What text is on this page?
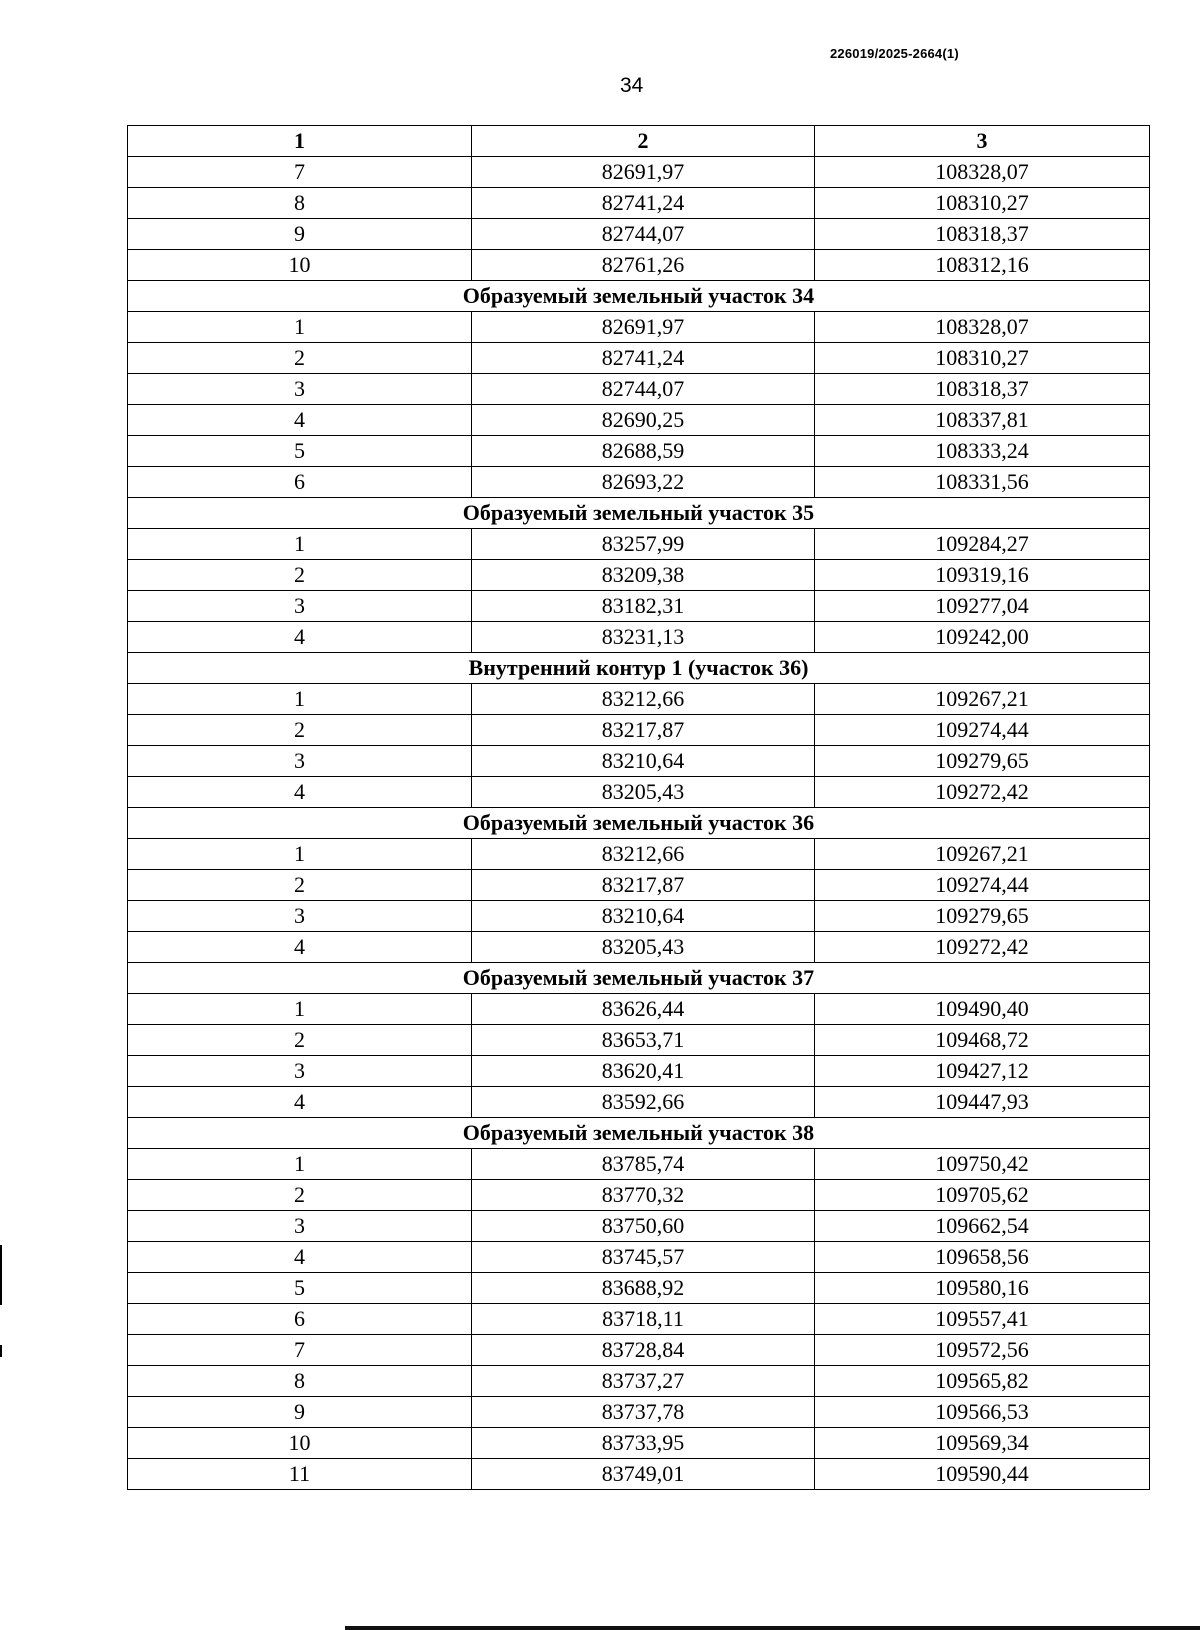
226019/2025-2664(1)
34
1	2	3
7	82691,97	108328,07
8	82741,24	108310,27
9	82744,07	108318,37
10	82761,26	108312,16
Образуемый земельный участок 34		
1	82691,97	108328,07
2	82741,24	108310,27
3	82744,07	108318,37
4	82690,25	108337,81
5	82688,59	108333,24
6	82693,22	108331,56
Образуемый земельный участок 35		
1	83257,99	109284,27
2	83209,38	109319,16
3	83182,31	109277,04
4	83231,13	109242,00
Внутренний контур 1 (участок 36)		
1	83212,66	109267,21
2	83217,87	109274,44
3	83210,64	109279,65
4	83205,43	109272,42
Образуемый земельный участок 36		
1	83212,66	109267,21
2	83217,87	109274,44
3	83210,64	109279,65
4	83205,43	109272,42
Образуемый земельный участок 37		
1	83626,44	109490,40
2	83653,71	109468,72
3	83620,41	109427,12
4	83592,66	109447,93
Образуемый земельный участок 38		
1	83785,74	109750,42
2	83770,32	109705,62
3	83750,60	109662,54
4	83745,57	109658,56
5	83688,92	109580,16
6	83718,11	109557,41
7	83728,84	109572,56
8	83737,27	109565,82
9	83737,78	109566,53
10	83733,95	109569,34
11	83749,01	109590,44
